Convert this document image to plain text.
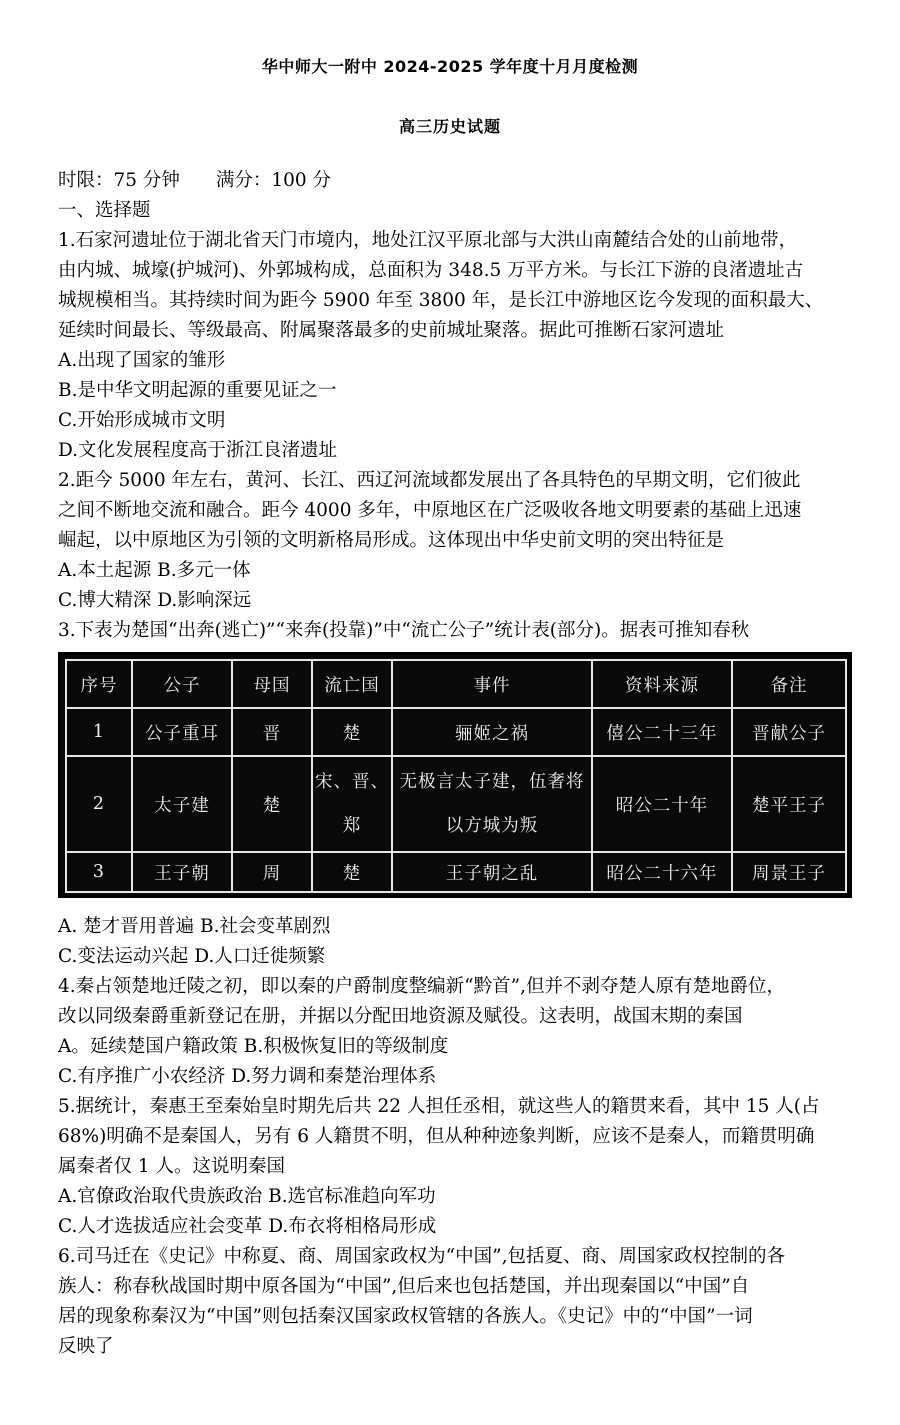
华中师大一附中 2024-2025 学年度十月月度检测
高三历史试题
时限：75 分钟 满分：100 分
一、选择题
1.石家河遗址位于湖北省天门市境内，地处江汉平原北部与大洪山南麓结合处的山前地带，
由内城、城壕(护城河)、外郭城构成，总面积为 348.5 万平方米。与长江下游的良渚遗址古
城规模相当。其持续时间为距今 5900 年至 3800 年，是长江中游地区讫今发现的面积最大、
延续时间最长、等级最高、附属聚落最多的史前城址聚落。据此可推断石家河遗址
A.出现了国家的雏形
B.是中华文明起源的重要见证之一
C.开始形成城市文明
D.文化发展程度高于浙江良渚遗址
2.距今 5000 年左右，黄河、长江、西辽河流域都发展出了各具特色的早期文明，它们彼此
之间不断地交流和融合。距今 4000 多年，中原地区在广泛吸收各地文明要素的基础上迅速
崛起，以中原地区为引领的文明新格局形成。这体现出中华史前文明的突出特征是
A.本土起源 B.多元一体
C.博大精深 D.影响深远
3.下表为楚国“出奔(逃亡)”“来奔(投靠)”中“流亡公子”统计表(部分)。据表可推知春秋
序号	公子	母国	流亡国	事件	资料来源	备注
1	公子重耳	晋	楚	骊姬之祸	僖公二十三年	晋献公子
2	太子建	楚	宋、晋、郑	无极言太子建，伍奢将以方城为叛	昭公二十年	楚平王子
3	王子朝	周	楚	王子朝之乱	昭公二十六年	周景王子
A. 楚才晋用普遍 B.社会变革剧烈
C.变法运动兴起 D.人口迁徙频繁
4.秦占领楚地迁陵之初，即以秦的户爵制度整编新“黔首”,但并不剥夺楚人原有楚地爵位，
改以同级秦爵重新登记在册，并据以分配田地资源及赋役。这表明，战国末期的秦国
A。延续楚国户籍政策 B.积极恢复旧的等级制度
C.有序推广小农经济 D.努力调和秦楚治理体系
5.据统计，秦惠王至秦始皇时期先后共 22 人担任丞相，就这些人的籍贯来看，其中 15 人(占
68%)明确不是秦国人，另有 6 人籍贯不明，但从种种迹象判断，应该不是秦人，而籍贯明确
属秦者仅 1 人。这说明秦国
A.官僚政治取代贵族政治 B.选官标准趋向军功
C.人才选拔适应社会变革 D.布衣将相格局形成
6.司马迁在《史记》中称夏、商、周国家政权为“中国”,包括夏、商、周国家政权控制的各
族人：称春秋战国时期中原各国为“中国”,但后来也包括楚国，并出现秦国以“中国”自
居的现象称秦汉为“中国”则包括秦汉国家政权管辖的各族人。《史记》中的“中国”一词
反映了
